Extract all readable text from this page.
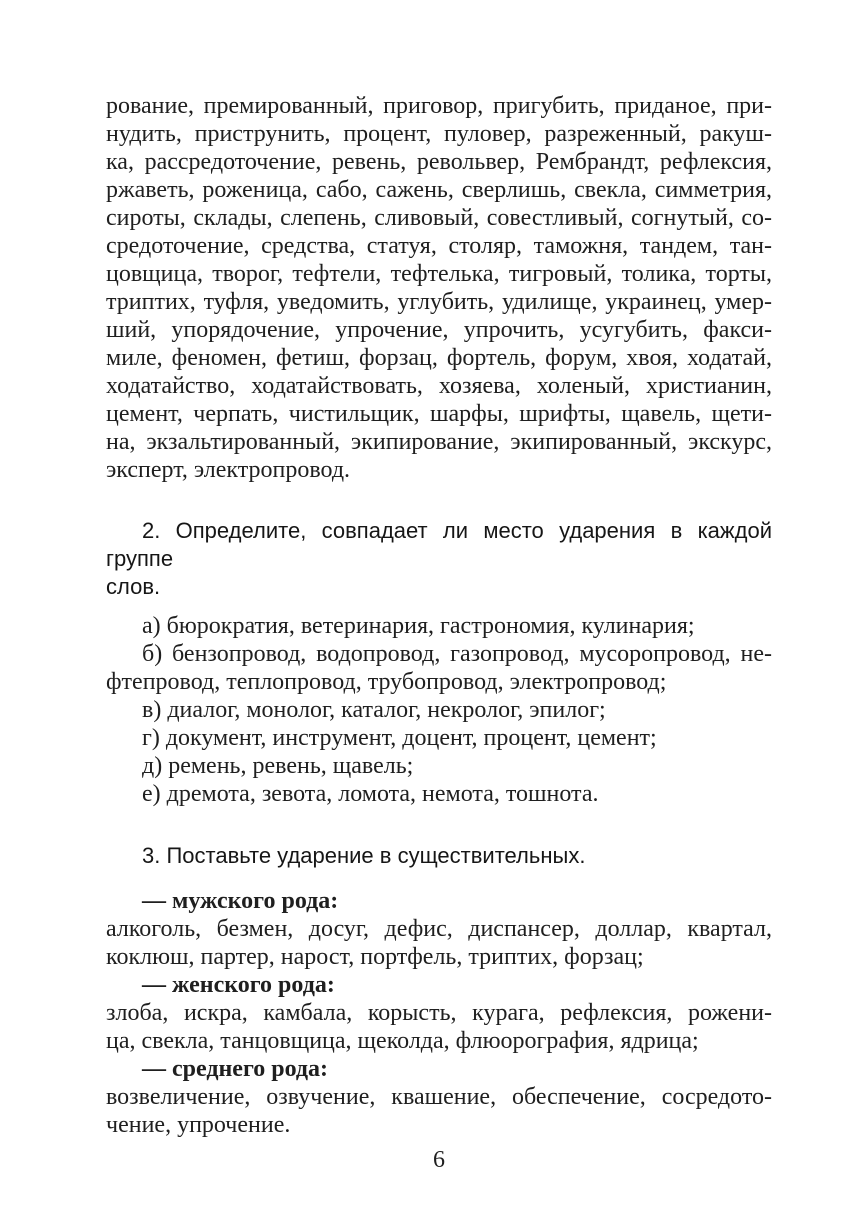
рование, премированный, приговор, пригубить, приданое, при-
нудить, приструнить, процент, пуловер, разреженный, ракуш-
ка, рассредоточение, ревень, револьвер, Рембрандт, рефлексия,
ржаветь, роженица, сабо, сажень, сверлишь, свекла, симметрия,
сироты, склады, слепень, сливовый, совестливый, согнутый, со-
средоточение, средства, статуя, столяр, таможня, тандем, тан-
цовщица, творог, тефтели, тефтелька, тигровый, толика, торты,
триптих, туфля, уведомить, углубить, удилище, украинец, умер-
ший, упорядочение, упрочение, упрочить, усугубить, факси-
миле, феномен, фетиш, форзац, фортель, форум, хвоя, ходатай,
ходатайство, ходатайствовать, хозяева, холеный, христианин,
цемент, черпать, чистильщик, шарфы, шрифты, щавель, щети-
на, экзальтированный, экипирование, экипированный, экскурс,
эксперт, электропровод.
2. Определите, совпадает ли место ударения в каждой группе
слов.
а) бюрократия, ветеринария, гастрономия, кулинария;
б) бензопровод, водопровод, газопровод, мусоропровод, не-
фтепровод, теплопровод, трубопровод, электропровод;
в) диалог, монолог, каталог, некролог, эпилог;
г) документ, инструмент, доцент, процент, цемент;
д) ремень, ревень, щавель;
е) дремота, зевота, ломота, немота, тошнота.
3. Поставьте ударение в существительных.
— мужского рода:
алкоголь, безмен, досуг, дефис, диспансер, доллар, квартал,
коклюш, партер, нарост, портфель, триптих, форзац;
— женского рода:
злоба, искра, камбала, корысть, курага, рефлексия, рожени-
ца, свекла, танцовщица, щеколда, флюорография, ядрица;
— среднего рода:
возвеличение, озвучение, квашение, обеспечение, сосредото-
чение, упрочение.
6
